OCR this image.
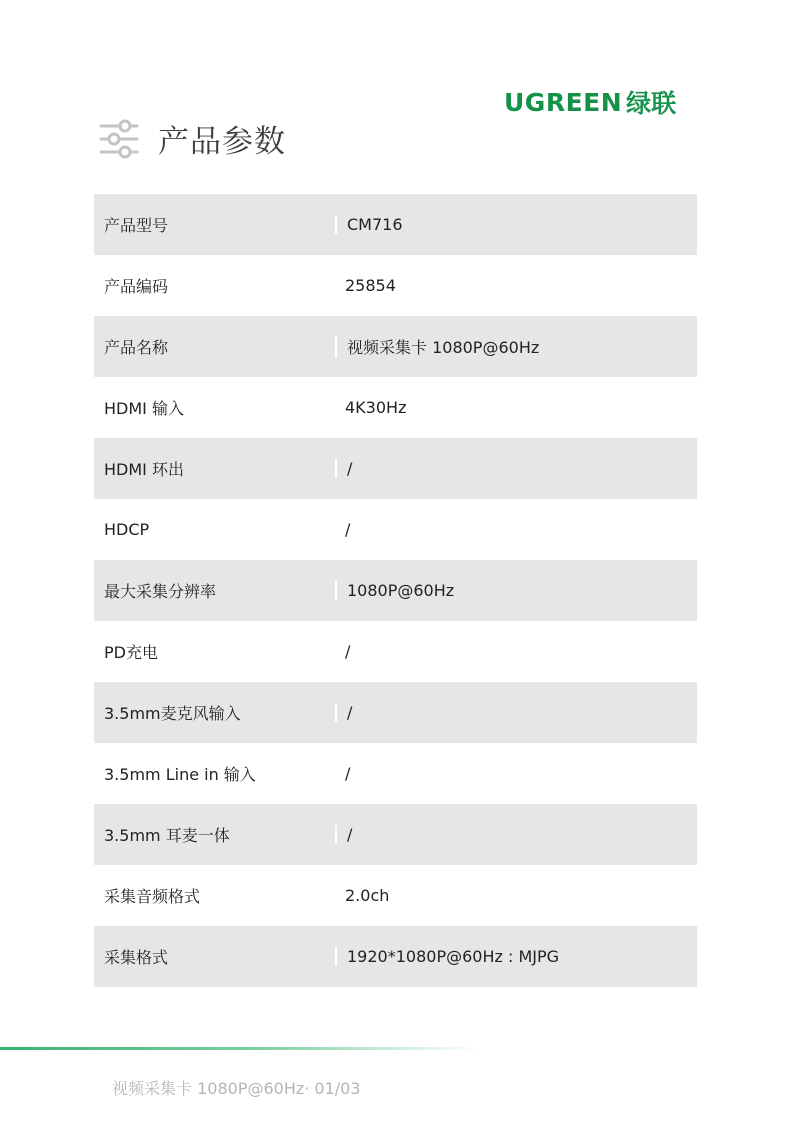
UGREEN 绿联
产品参数
产品型号	CM716
产品编码	25854
产品名称	视频采集卡 1080P@60Hz
HDMI 输入	4K30Hz
HDMI 环出	/
HDCP	/
最大采集分辨率	1080P@60Hz
PD充电	/
3.5mm麦克风输入	/
3.5mm Line in 输入	/
3.5mm 耳麦一体	/
采集音频格式	2.0ch
采集格式	1920*1080P@60Hz : MJPG
视频采集卡 1080P@60Hz· 01/03
